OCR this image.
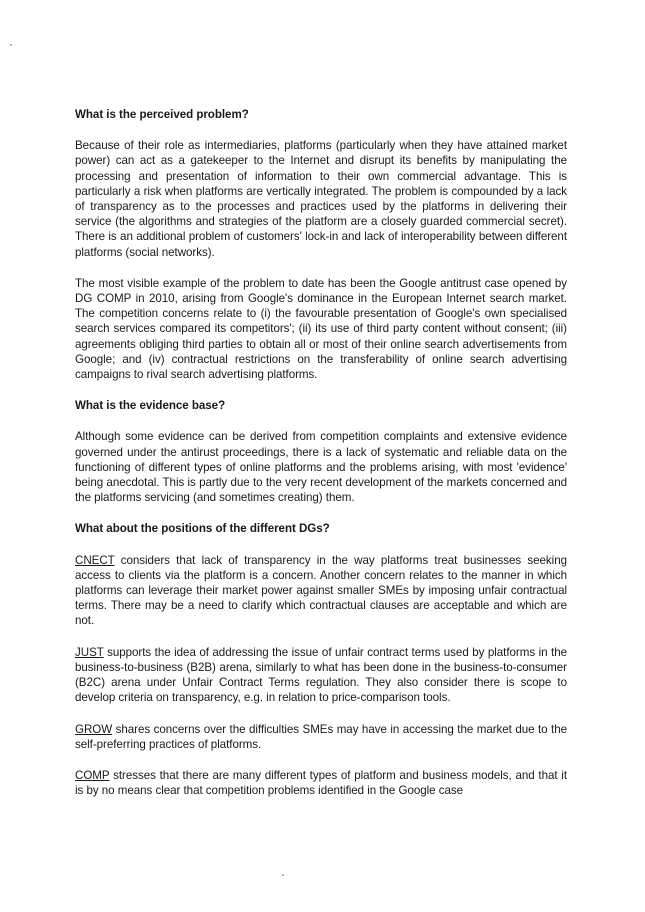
What is the perceived problem?
Because of their role as intermediaries, platforms (particularly when they have attained market power) can act as a gatekeeper to the Internet and disrupt its benefits by manipulating the processing and presentation of information to their own commercial advantage. This is particularly a risk when platforms are vertically integrated. The problem is compounded by a lack of transparency as to the processes and practices used by the platforms in delivering their service (the algorithms and strategies of the platform are a closely guarded commercial secret). There is an additional problem of customers' lock-in and lack of interoperability between different platforms (social networks).
The most visible example of the problem to date has been the Google antitrust case opened by DG COMP in 2010, arising from Google's dominance in the European Internet search market. The competition concerns relate to (i) the favourable presentation of Google's own specialised search services compared its competitors'; (ii) its use of third party content without consent; (iii) agreements obliging third parties to obtain all or most of their online search advertisements from Google; and (iv) contractual restrictions on the transferability of online search advertising campaigns to rival search advertising platforms.
What is the evidence base?
Although some evidence can be derived from competition complaints and extensive evidence governed under the antirust proceedings, there is a lack of systematic and reliable data on the functioning of different types of online platforms and the problems arising, with most 'evidence' being anecdotal. This is partly due to the very recent development of the markets concerned and the platforms servicing (and sometimes creating) them.
What about the positions of the different DGs?
CNECT considers that lack of transparency in the way platforms treat businesses seeking access to clients via the platform is a concern. Another concern relates to the manner in which platforms can leverage their market power against smaller SMEs by imposing unfair contractual terms. There may be a need to clarify which contractual clauses are acceptable and which are not.
JUST supports the idea of addressing the issue of unfair contract terms used by platforms in the business-to-business (B2B) arena, similarly to what has been done in the business-to-consumer (B2C) arena under Unfair Contract Terms regulation. They also consider there is scope to develop criteria on transparency, e.g. in relation to price-comparison tools.
GROW shares concerns over the difficulties SMEs may have in accessing the market due to the self-preferring practices of platforms.
COMP stresses that there are many different types of platform and business models, and that it is by no means clear that competition problems identified in the Google case
